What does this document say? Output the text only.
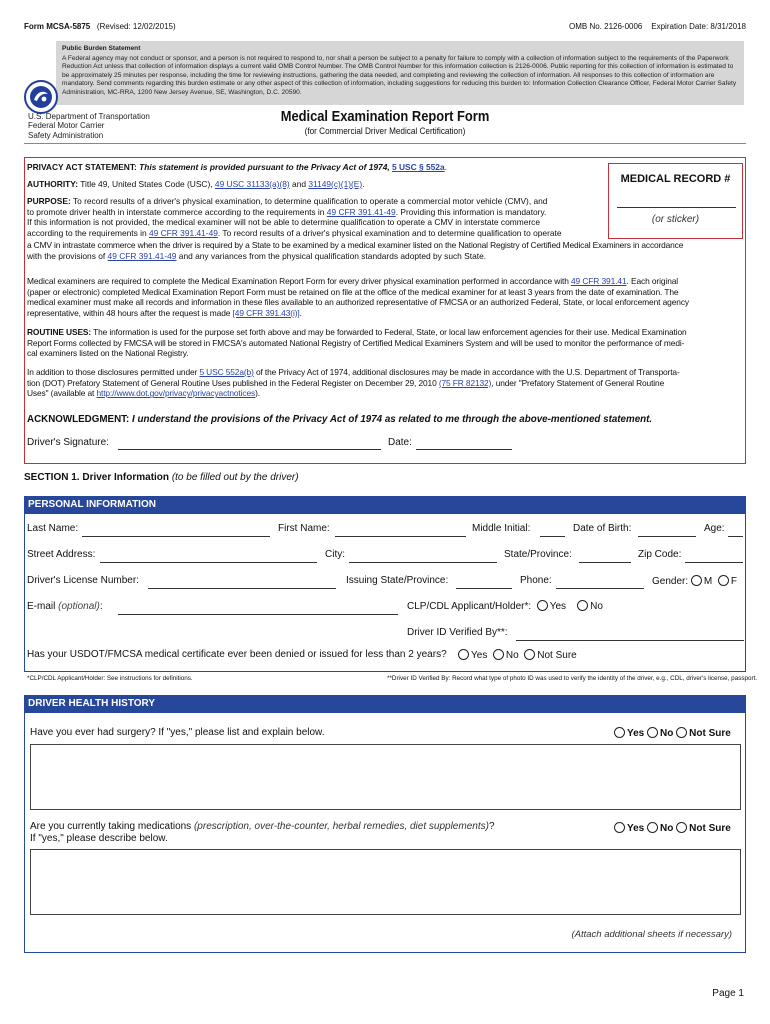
Form MCSA-5875 (Revised: 12/02/2015)	OMB No. 2126-0006 Expiration Date: 8/31/2018
Public Burden Statement
A Federal agency may not conduct or sponsor, and a person is not required to respond to, nor shall a person be subject to a penalty for failure to comply with a collection of information subject to the requirements of the Paperwork Reduction Act unless that collection of information displays a current valid OMB Control Number. The OMB Control Number for this information collection is 2126-0006. Public reporting for this collection of information is estimated to be approximately 25 minutes per response, including the time for reviewing instructions, gathering the data needed, and completing and reviewing the collection of information. All responses to this collection of information are mandatory. Send comments regarding this burden estimate or any other aspect of this collection of information, including suggestions for reducing this burden to: Information Collection Clearance Officer, Federal Motor Carrier Safety Administration, MC-RRA, 1200 New Jersey Avenue, SE, Washington, D.C. 20590.
U.S. Department of Transportation
Federal Motor Carrier
Safety Administration
Medical Examination Report Form
(for Commercial Driver Medical Certification)
MEDICAL RECORD #
(or sticker)
PRIVACY ACT STATEMENT: This statement is provided pursuant to the Privacy Act of 1974, 5 USC § 552a.
AUTHORITY: Title 49, United States Code (USC), 49 USC 31133(a)(8) and 31149(c)(1)(E).
PURPOSE: To record results of a driver's physical examination, to determine qualification to operate a commercial motor vehicle (CMV), and
to promote driver health in interstate commerce according to the requirements in 49 CFR 391.41-49. Providing this information is mandatory.
If this information is not provided, the medical examiner will not be able to determine qualification to operate a CMV in interstate commerce
according to the requirements in 49 CFR 391.41-49. To record results of a driver's physical examination and to determine qualification to operate
a CMV in intrastate commerce when the driver is required by a State to be examined by a medical examiner listed on the National Registry of Certified Medical Examiners in accordance
with the provisions of 49 CFR 391.41-49 and any variances from the physical qualification standards adopted by such State.
Medical examiners are required to complete the Medical Examination Report Form for every driver physical examination performed in accordance with 49 CFR 391.41. Each original
(paper or electronic) completed Medical Examination Report Form must be retained on file at the office of the medical examiner for at least 3 years from the date of examination. The
medical examiner must make all records and information in these files available to an authorized representative of FMCSA or an authorized Federal, State, or local enforcement agency
representative, within 48 hours after the request is made [49 CFR 391.43(i)].
ROUTINE USES: The information is used for the purpose set forth above and may be forwarded to Federal, State, or local law enforcement agencies for their use. Medical Examination
Report Forms collected by FMCSA will be stored in FMCSA's automated National Registry of Certified Medical Examiners System and will be used to monitor the performance of medi-
cal examiners listed on the National Registry.
In addition to those disclosures permitted under 5 USC 552a(b) of the Privacy Act of 1974, additional disclosures may be made in accordance with the U.S. Department of Transporta-
tion (DOT) Prefatory Statement of General Routine Uses published in the Federal Register on December 29, 2010 (75 FR 82132), under "Prefatory Statement of General Routine
Uses" (available at http://www.dot.gov/privacy/privacyactnotices).
ACKNOWLEDGMENT: I understand the provisions of the Privacy Act of 1974 as related to me through the above-mentioned statement.
Driver's Signature:	Date:
SECTION 1. Driver Information (to be filled out by the driver)
PERSONAL INFORMATION
Last Name:	First Name:	Middle Initial:	Date of Birth:	Age:
Street Address:	City:	State/Province:	Zip Code:
Driver's License Number:	Issuing State/Province:	Phone:	Gender: M F
E-mail (optional):	CLP/CDL Applicant/Holder*: Yes No
Driver ID Verified By**:
Has your USDOT/FMCSA medical certificate ever been denied or issued for less than 2 years?	Yes No Not Sure
*CLP/CDL Applicant/Holder: See instructions for definitions.	**Driver ID Verified By: Record what type of photo ID was used to verify the identity of the driver, e.g., CDL, driver's license, passport.
DRIVER HEALTH HISTORY
Have you ever had surgery? If "yes," please list and explain below.	Yes No Not Sure
Are you currently taking medications (prescription, over-the-counter, herbal remedies, diet supplements)?
If "yes," please describe below.
Yes No Not Sure
(Attach additional sheets if necessary)
Page 1
